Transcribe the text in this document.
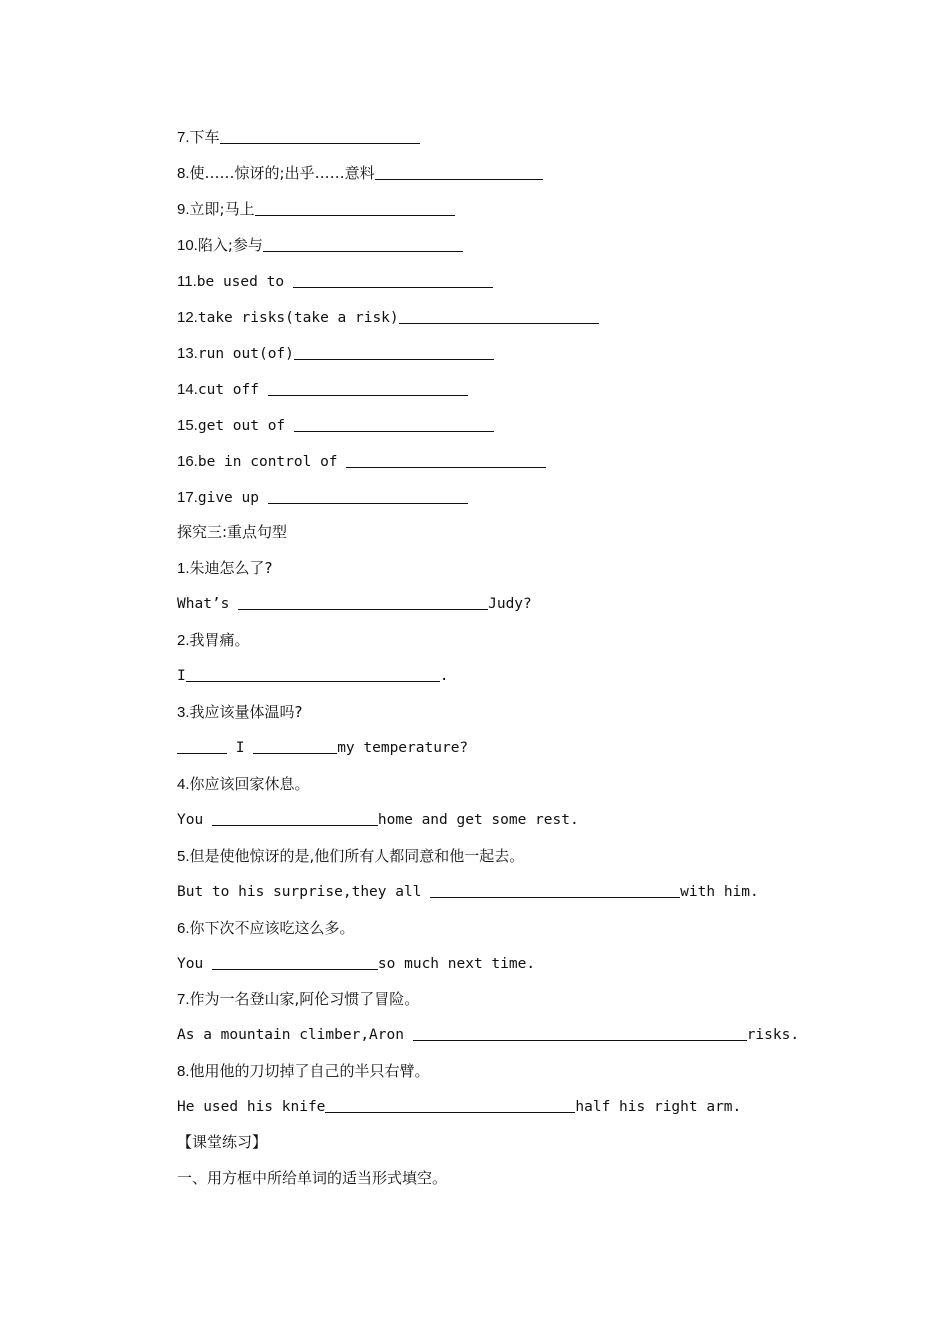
7.下车
8.使……惊讶的;出乎……意料
9.立即;马上
10.陷入;参与
11.be used to
12.take risks(take a risk)
13.run out(of)
14.cut off
15.get out of
16.be in control of
17.give up
探究三:重点句型
1.朱迪怎么了?
What’s	Judy?
2.我胃痛。
I	.
3.我应该量体温吗?
I	my temperature?
4.你应该回家休息。
You	home and get some rest.
5.但是使他惊讶的是,他们所有人都同意和他一起去。
But to his surprise,they all	with him.
6.你下次不应该吃这么多。
You	so much next time.
7.作为一名登山家,阿伦习惯了冒险。
As a mountain climber,Aron	risks.
8.他用他的刀切掉了自己的半只右臂。
He used his knife	half his right arm.
【课堂练习】
一、用方框中所给单词的适当形式填空。
